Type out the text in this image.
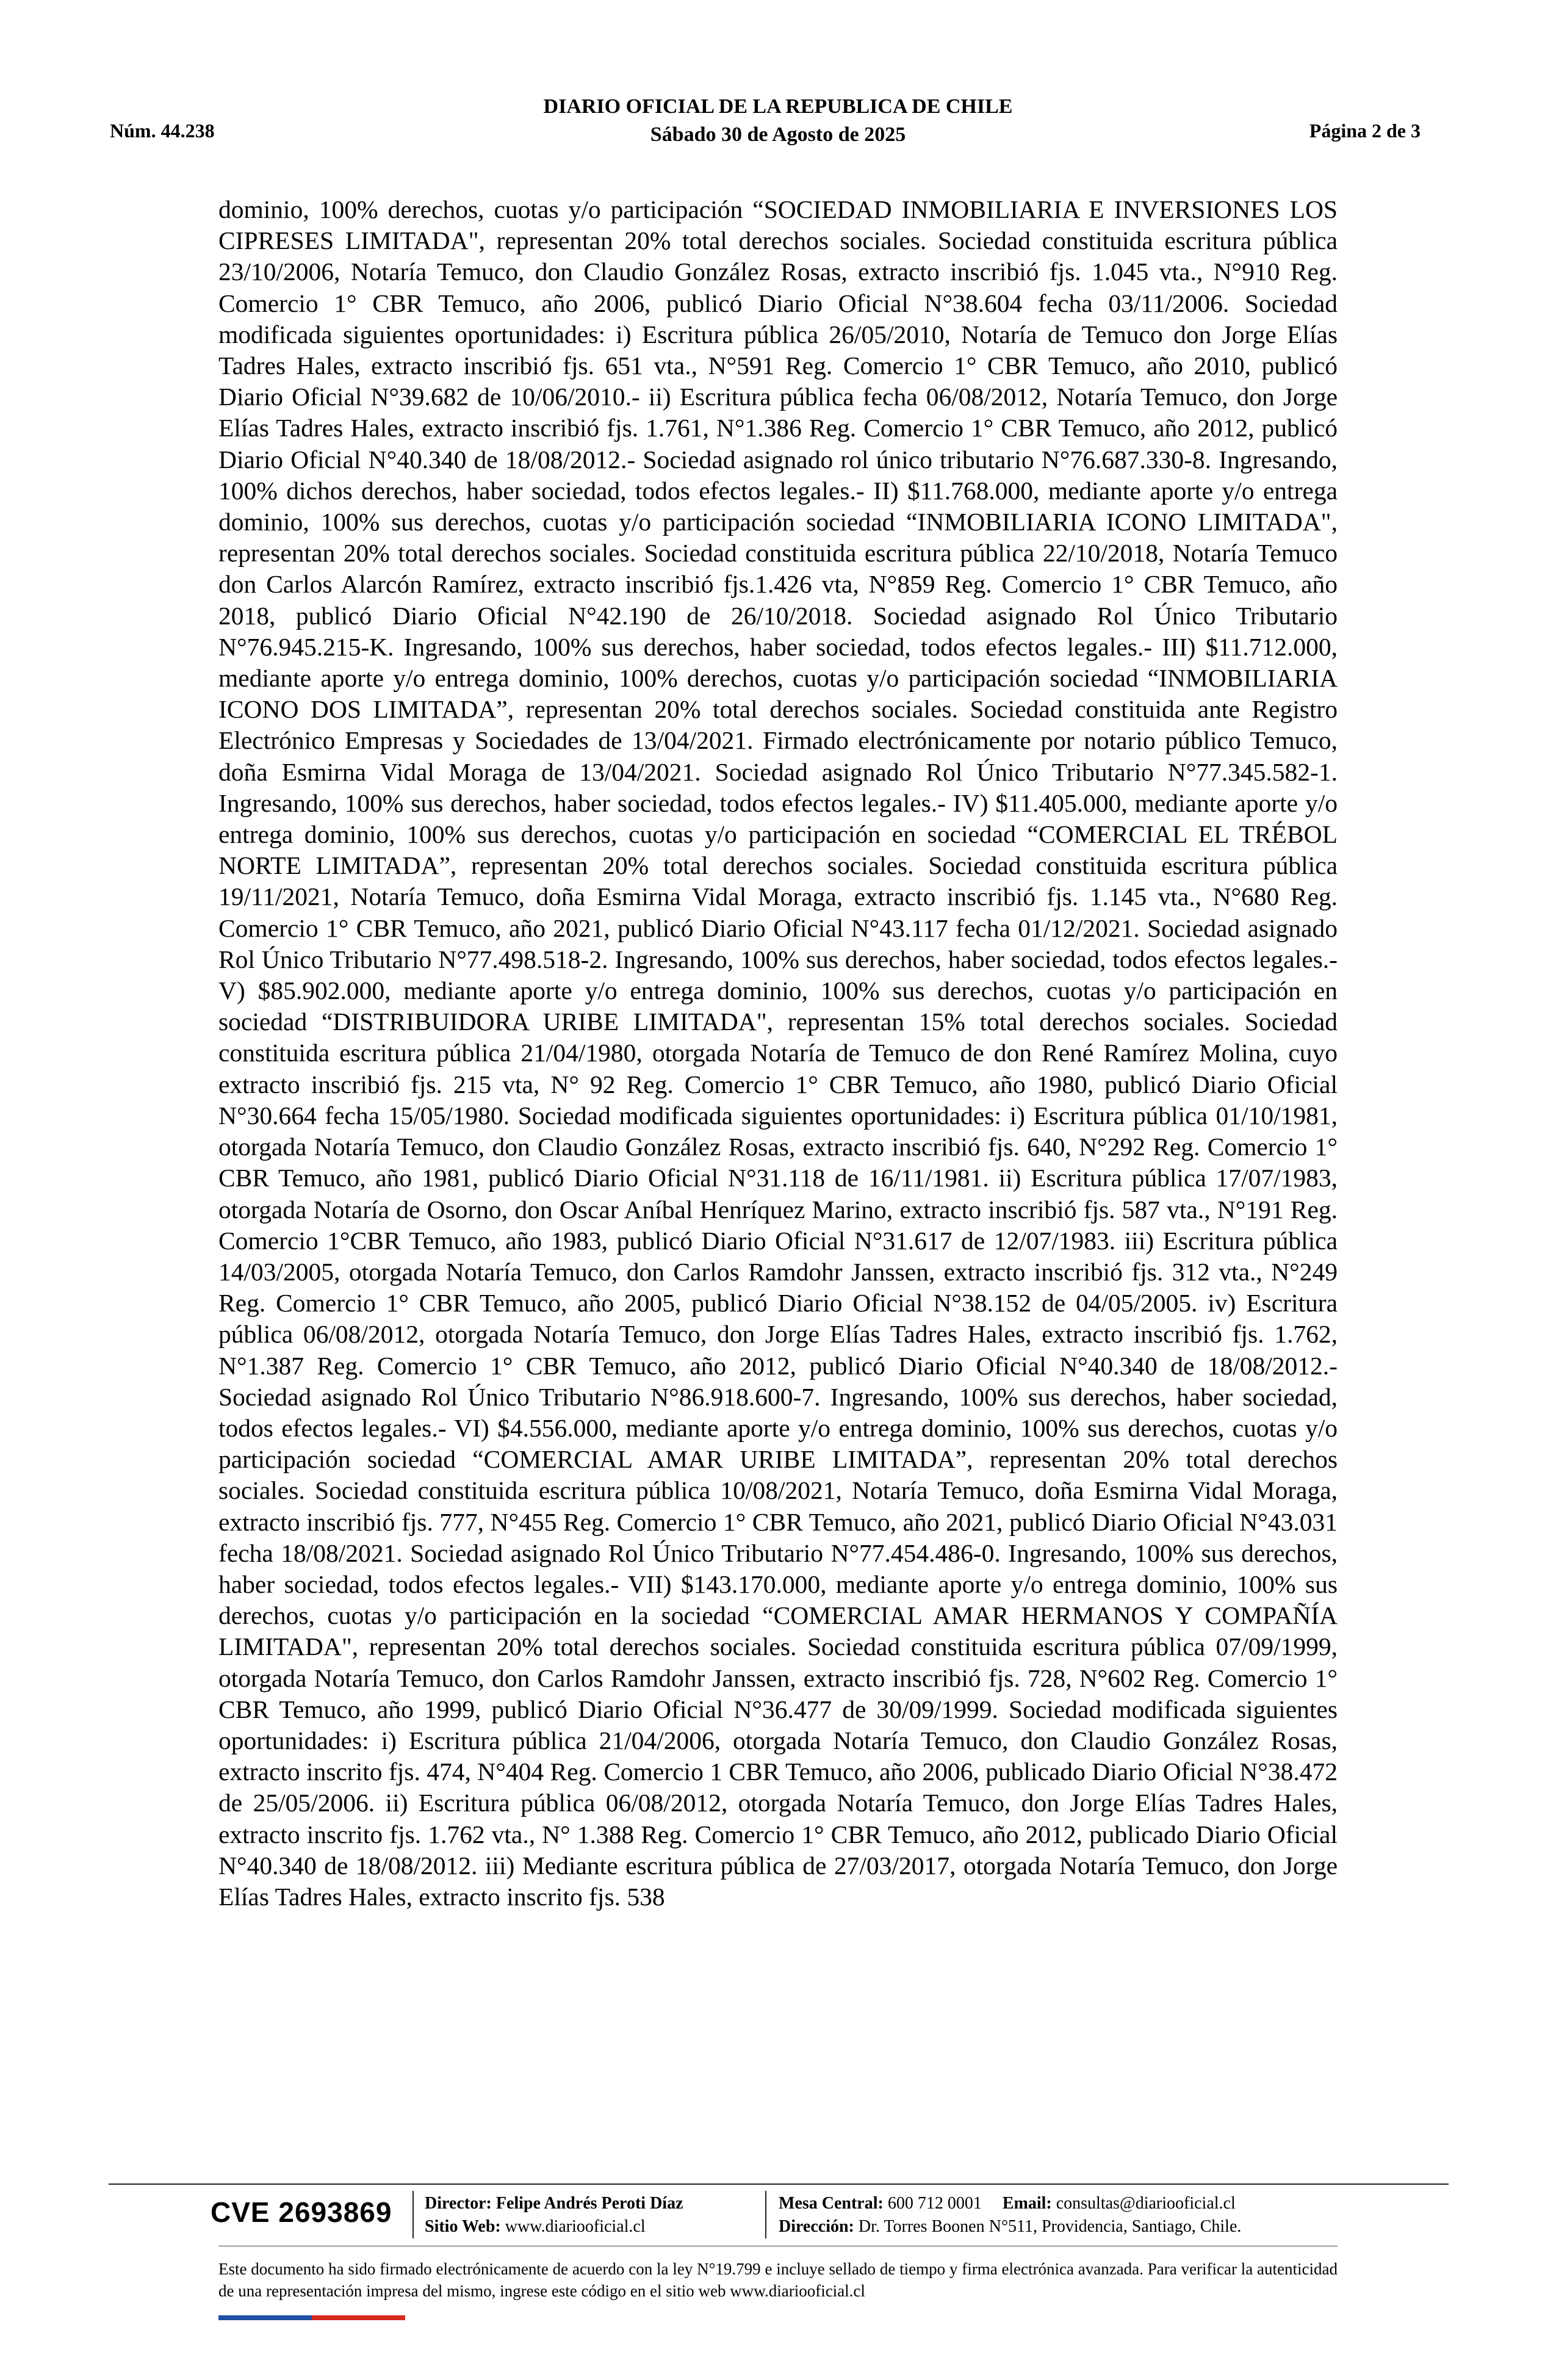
Núm. 44.238
DIARIO OFICIAL DE LA REPUBLICA DE CHILE
Sábado 30 de Agosto de 2025	Página 2 de 3
dominio, 100% derechos, cuotas y/o participación “SOCIEDAD INMOBILIARIA E INVERSIONES LOS CIPRESES LIMITADA", representan 20% total derechos sociales. Sociedad constituida escritura pública 23/10/2006, Notaría Temuco, don Claudio González Rosas, extracto inscribió fjs. 1.045 vta., N°910 Reg. Comercio 1° CBR Temuco, año 2006, publicó Diario Oficial N°38.604 fecha 03/11/2006. Sociedad modificada siguientes oportunidades: i) Escritura pública 26/05/2010, Notaría de Temuco don Jorge Elías Tadres Hales, extracto inscribió fjs. 651 vta., N°591 Reg. Comercio 1° CBR Temuco, año 2010, publicó Diario Oficial N°39.682 de 10/06/2010.- ii) Escritura pública fecha 06/08/2012, Notaría Temuco, don Jorge Elías Tadres Hales, extracto inscribió fjs. 1.761, N°1.386 Reg. Comercio 1° CBR Temuco, año 2012, publicó Diario Oficial N°40.340 de 18/08/2012.- Sociedad asignado rol único tributario N°76.687.330-8. Ingresando, 100% dichos derechos, haber sociedad, todos efectos legales.- II) $11.768.000, mediante aporte y/o entrega dominio, 100% sus derechos, cuotas y/o participación sociedad “INMOBILIARIA ICONO LIMITADA", representan 20% total derechos sociales. Sociedad constituida escritura pública 22/10/2018, Notaría Temuco don Carlos Alarcón Ramírez, extracto inscribió fjs.1.426 vta, N°859 Reg. Comercio 1° CBR Temuco, año 2018, publicó Diario Oficial N°42.190 de 26/10/2018. Sociedad asignado Rol Único Tributario N°76.945.215-K. Ingresando, 100% sus derechos, haber sociedad, todos efectos legales.- III) $11.712.000, mediante aporte y/o entrega dominio, 100% derechos, cuotas y/o participación sociedad “INMOBILIARIA ICONO DOS LIMITADA”, representan 20% total derechos sociales. Sociedad constituida ante Registro Electrónico Empresas y Sociedades de 13/04/2021. Firmado electrónicamente por notario público Temuco, doña Esmirna Vidal Moraga de 13/04/2021. Sociedad asignado Rol Único Tributario N°77.345.582-1. Ingresando, 100% sus derechos, haber sociedad, todos efectos legales.- IV) $11.405.000, mediante aporte y/o entrega dominio, 100% sus derechos, cuotas y/o participación en sociedad “COMERCIAL EL TRÉBOL NORTE LIMITADA”, representan 20% total derechos sociales. Sociedad constituida escritura pública 19/11/2021, Notaría Temuco, doña Esmirna Vidal Moraga, extracto inscribió fjs. 1.145 vta., N°680 Reg. Comercio 1° CBR Temuco, año 2021, publicó Diario Oficial N°43.117 fecha 01/12/2021. Sociedad asignado Rol Único Tributario N°77.498.518-2. Ingresando, 100% sus derechos, haber sociedad, todos efectos legales.- V) $85.902.000, mediante aporte y/o entrega dominio, 100% sus derechos, cuotas y/o participación en sociedad “DISTRIBUIDORA URIBE LIMITADA", representan 15% total derechos sociales. Sociedad constituida escritura pública 21/04/1980, otorgada Notaría de Temuco de don René Ramírez Molina, cuyo extracto inscribió fjs. 215 vta, N° 92 Reg. Comercio 1° CBR Temuco, año 1980, publicó Diario Oficial N°30.664 fecha 15/05/1980. Sociedad modificada siguientes oportunidades: i) Escritura pública 01/10/1981, otorgada Notaría Temuco, don Claudio González Rosas, extracto inscribió fjs. 640, N°292 Reg. Comercio 1° CBR Temuco, año 1981, publicó Diario Oficial N°31.118 de 16/11/1981. ii) Escritura pública 17/07/1983, otorgada Notaría de Osorno, don Oscar Aníbal Henríquez Marino, extracto inscribió fjs. 587 vta., N°191 Reg. Comercio 1°CBR Temuco, año 1983, publicó Diario Oficial N°31.617 de 12/07/1983. iii) Escritura pública 14/03/2005, otorgada Notaría Temuco, don Carlos Ramdohr Janssen, extracto inscribió fjs. 312 vta., N°249 Reg. Comercio 1° CBR Temuco, año 2005, publicó Diario Oficial N°38.152 de 04/05/2005. iv) Escritura pública 06/08/2012, otorgada Notaría Temuco, don Jorge Elías Tadres Hales, extracto inscribió fjs. 1.762, N°1.387 Reg. Comercio 1° CBR Temuco, año 2012, publicó Diario Oficial N°40.340 de 18/08/2012.- Sociedad asignado Rol Único Tributario N°86.918.600-7. Ingresando, 100% sus derechos, haber sociedad, todos efectos legales.- VI) $4.556.000, mediante aporte y/o entrega dominio, 100% sus derechos, cuotas y/o participación sociedad “COMERCIAL AMAR URIBE LIMITADA”, representan 20% total derechos sociales. Sociedad constituida escritura pública 10/08/2021, Notaría Temuco, doña Esmirna Vidal Moraga, extracto inscribió fjs. 777, N°455 Reg. Comercio 1° CBR Temuco, año 2021, publicó Diario Oficial N°43.031 fecha 18/08/2021. Sociedad asignado Rol Único Tributario N°77.454.486-0. Ingresando, 100% sus derechos, haber sociedad, todos efectos legales.- VII) $143.170.000, mediante aporte y/o entrega dominio, 100% sus derechos, cuotas y/o participación en la sociedad “COMERCIAL AMAR HERMANOS Y COMPAÑÍA LIMITADA", representan 20% total derechos sociales. Sociedad constituida escritura pública 07/09/1999, otorgada Notaría Temuco, don Carlos Ramdohr Janssen, extracto inscribió fjs. 728, N°602 Reg. Comercio 1° CBR Temuco, año 1999, publicó Diario Oficial N°36.477 de 30/09/1999. Sociedad modificada siguientes oportunidades: i) Escritura pública 21/04/2006, otorgada Notaría Temuco, don Claudio González Rosas, extracto inscrito fjs. 474, N°404 Reg. Comercio 1 CBR Temuco, año 2006, publicado Diario Oficial N°38.472 de 25/05/2006. ii) Escritura pública 06/08/2012, otorgada Notaría Temuco, don Jorge Elías Tadres Hales, extracto inscrito fjs. 1.762 vta., N° 1.388 Reg. Comercio 1° CBR Temuco, año 2012, publicado Diario Oficial N°40.340 de 18/08/2012. iii) Mediante escritura pública de 27/03/2017, otorgada Notaría Temuco, don Jorge Elías Tadres Hales, extracto inscrito fjs. 538
CVE 2693869 Director: Felipe Andrés Peroti Díaz
Sitio Web: www.diariooficial.cl
Mesa Central: 600 712 0001 Email: consultas@diariooficial.cl
Dirección: Dr. Torres Boonen N°511, Providencia, Santiago, Chile.
Este documento ha sido firmado electrónicamente de acuerdo con la ley N°19.799 e incluye sellado de tiempo y firma electrónica avanzada. Para verificar la autenticidad de una representación impresa del mismo, ingrese este código en el sitio web www.diariooficial.cl
